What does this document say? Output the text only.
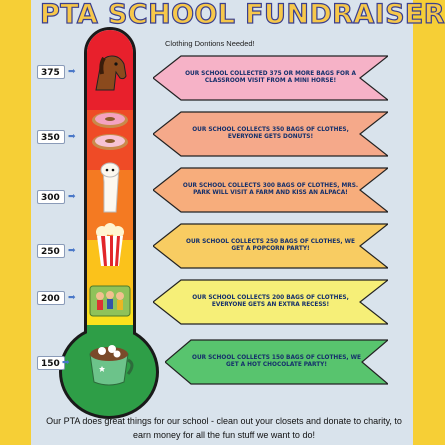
PTA SCHOOL FUNDRAISER
Clothing Dontions Needed!
375 ➡
350 ➡
300 ➡
250 ➡
200 ➡
150 ➡
OUR SCHOOL COLLECTED 375 OR MORE BAGS FOR A CLASSROOM VISIT FROM A MINI HORSE!
OUR SCHOOL COLLECTS 350 BAGS OF CLOTHES, EVERYONE GETS DONUTS!
OUR SCHOOL COLLECTS 300 BAGS OF CLOTHES, MRS. PARK WILL VISIT A FARM AND KISS AN ALPACA!
OUR SCHOOL COLLECTS 250 BAGS OF CLOTHES, WE GET A POPCORN PARTY!
OUR SCHOOL COLLECTS 200 BAGS OF CLOTHES, EVERYONE GETS AN EXTRA RECESS!
OUR SCHOOL COLLECTS 150 BAGS OF CLOTHES, WE GET A HOT CHOCOLATE PARTY!
Our PTA does great things for our school - clean out your closets and donate to charity, to earn money for all the fun stuff we want to do!
